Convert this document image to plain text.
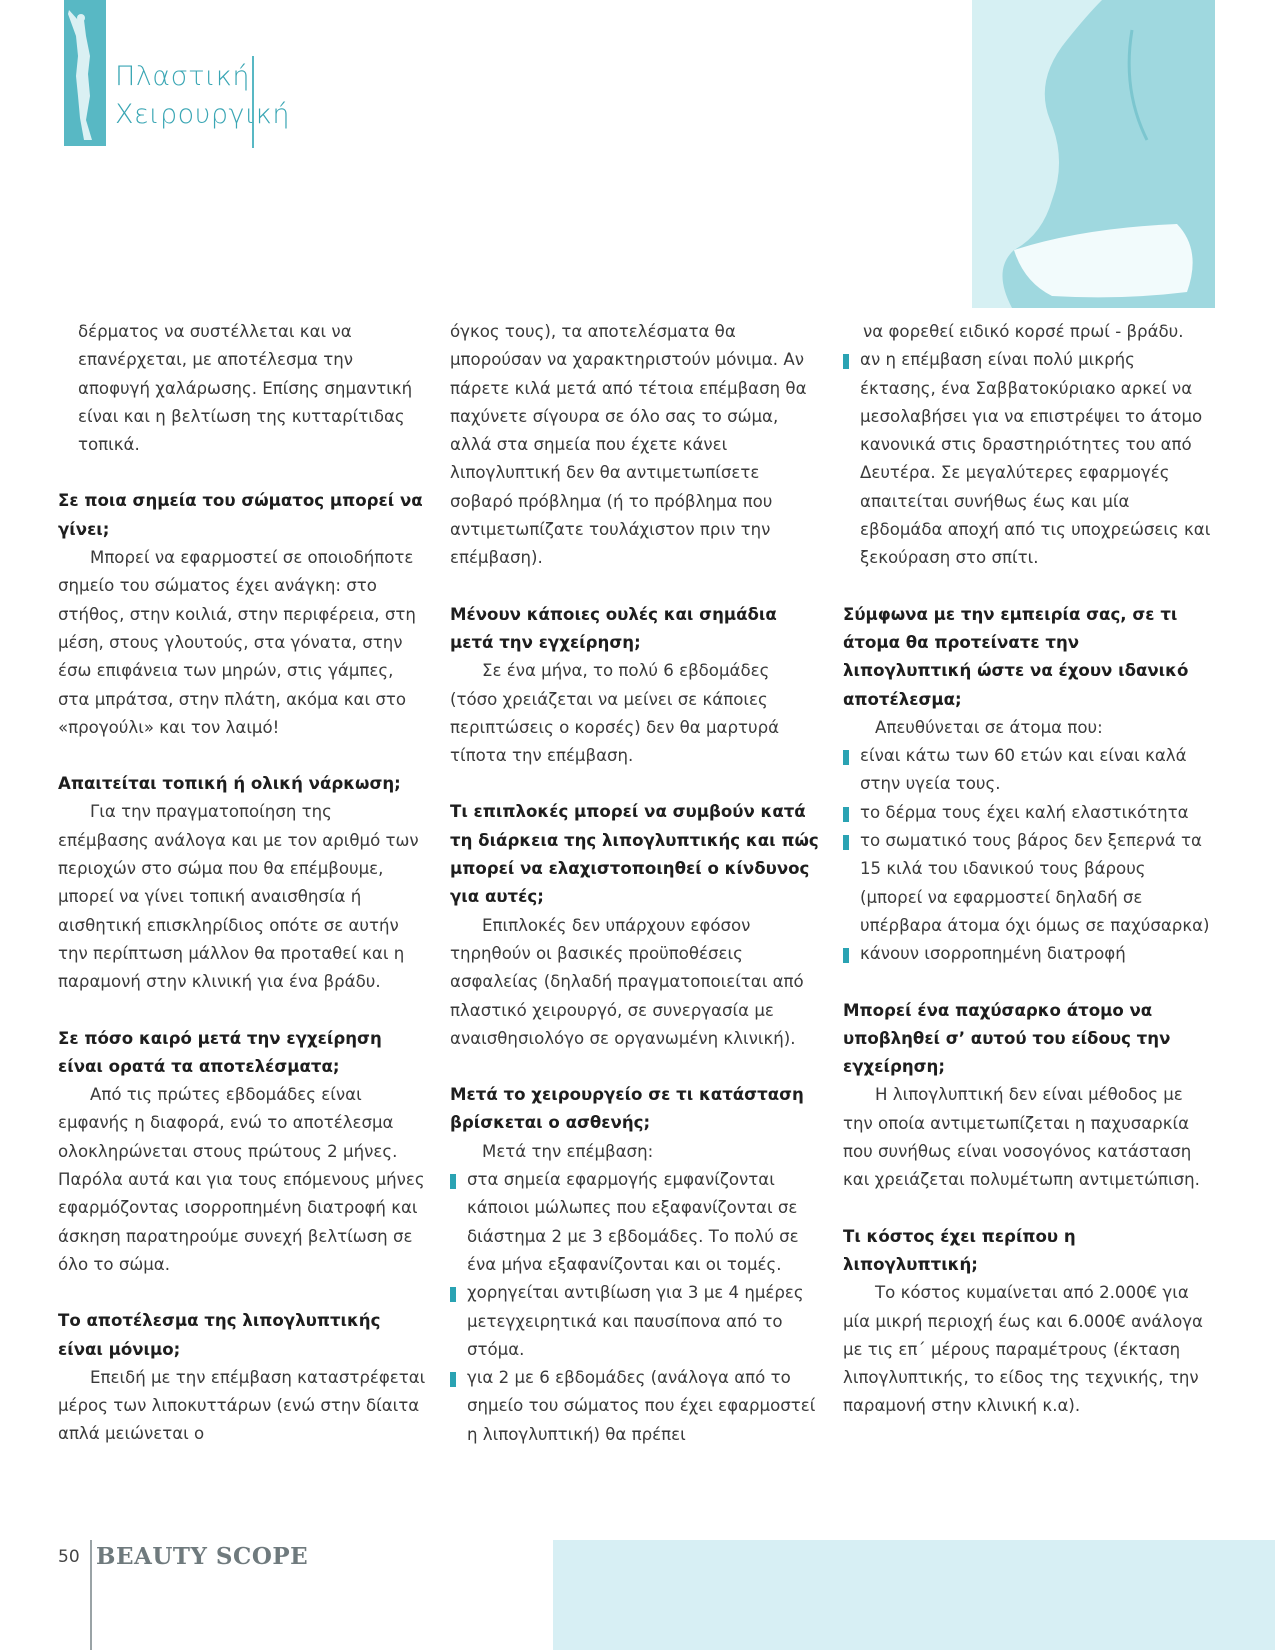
Πλαστική
Χειρουργική

δέρματος να συστέλλεται και να επανέρχεται, με αποτέλεσμα την αποφυγή χαλάρωσης. Επίσης σημαντική είναι και η βελτίωση της κυτταρίτιδας τοπικά.

Σε ποια σημεία του σώματος μπορεί να γίνει;

Μπορεί να εφαρμοστεί σε οποιοδήποτε σημείο του σώματος έχει ανάγκη: στο στήθος, στην κοιλιά, στην περιφέρεια, στη μέση, στους γλουτούς, στα γόνατα, στην έσω επιφάνεια των μηρών, στις γάμπες, στα μπράτσα, στην πλάτη, ακόμα και στο «προγούλι» και τον λαιμό!

Απαιτείται τοπική ή ολική νάρκωση;

Για την πραγματοποίηση της επέμβασης ανάλογα και με τον αριθμό των περιοχών στο σώμα που θα επέμβουμε, μπορεί να γίνει τοπική αναισθησία ή αισθητική επισκληρίδιος οπότε σε αυτήν την περίπτωση μάλλον θα προταθεί και η παραμονή στην κλινική για ένα βράδυ.

Σε πόσο καιρό μετά την εγχείρηση είναι ορατά τα αποτελέσματα;

Από τις πρώτες εβδομάδες είναι εμφανής η διαφορά, ενώ το αποτέλεσμα ολοκληρώνεται στους πρώτους 2 μήνες. Παρόλα αυτά και για τους επόμενους μήνες εφαρμόζοντας ισορροπημένη διατροφή και άσκηση παρατηρούμε συνεχή βελτίωση σε όλο το σώμα.

Το αποτέλεσμα της λιπογλυπτικής είναι μόνιμο;

Επειδή με την επέμβαση καταστρέφεται μέρος των λιποκυττάρων (ενώ στην δίαιτα απλά μειώνεται ο

όγκος τους), τα αποτελέσματα θα μπορούσαν να χαρακτηριστούν μόνιμα. Αν πάρετε κιλά μετά από τέτοια επέμβαση θα παχύνετε σίγουρα σε όλο σας το σώμα, αλλά στα σημεία που έχετε κάνει λιπογλυπτική δεν θα αντιμετωπίσετε σοβαρό πρόβλημα (ή το πρόβλημα που αντιμετωπίζατε τουλάχιστον πριν την επέμβαση).

Μένουν κάποιες ουλές και σημάδια μετά την εγχείρηση;

Σε ένα μήνα, το πολύ 6 εβδομάδες (τόσο χρειάζεται να μείνει σε κάποιες περιπτώσεις ο κορσές) δεν θα μαρτυρά τίποτα την επέμβαση.

Τι επιπλοκές μπορεί να συμβούν κατά τη διάρκεια της λιπογλυπτικής και πώς μπορεί να ελαχιστοποιηθεί ο κίνδυνος για αυτές;

Επιπλοκές δεν υπάρχουν εφόσον τηρηθούν οι βασικές προϋποθέσεις ασφαλείας (δηλαδή πραγματοποιείται από πλαστικό χειρουργό, σε συνεργασία με αναισθησιολόγο σε οργανωμένη κλινική).

Μετά το χειρουργείο σε τι κατάσταση βρίσκεται ο ασθενής;

Μετά την επέμβαση:

στα σημεία εφαρμογής εμφανίζονται κάποιοι μώλωπες που εξαφανίζονται σε διάστημα 2 με 3 εβδομάδες. Το πολύ σε ένα μήνα εξαφανίζονται και οι τομές.
χορηγείται αντιβίωση για 3 με 4 ημέρες μετεγχειρητικά και παυσίπονα από το στόμα.
για 2 με 6 εβδομάδες (ανάλογα από το σημείο του σώματος που έχει εφαρμοστεί η λιπογλυπτική) θα πρέπει

να φορεθεί ειδικό κορσέ πρωί - βράδυ.

αν η επέμβαση είναι πολύ μικρής έκτασης, ένα Σαββατοκύριακο αρκεί να μεσολαβήσει για να επιστρέψει το άτομο κανονικά στις δραστηριότητες του από Δευτέρα. Σε μεγαλύτερες εφαρμογές απαιτείται συνήθως έως και μία εβδομάδα αποχή από τις υποχρεώσεις και ξεκούραση στο σπίτι.
Σύμφωνα με την εμπειρία σας, σε τι άτομα θα προτείνατε την λιπογλυπτική ώστε να έχουν ιδανικό αποτέλεσμα;

Απευθύνεται σε άτομα που:

είναι κάτω των 60 ετών και είναι καλά στην υγεία τους.
το δέρμα τους έχει καλή ελαστικότητα
το σωματικό τους βάρος δεν ξεπερνά τα 15 κιλά του ιδανικού τους βάρους (μπορεί να εφαρμοστεί δηλαδή σε υπέρβαρα άτομα όχι όμως σε παχύσαρκα)
κάνουν ισορροπημένη διατροφή
Μπορεί ένα παχύσαρκο άτομο να υποβληθεί σ’ αυτού του είδους την εγχείρηση;

Η λιπογλυπτική δεν είναι μέθοδος με την οποία αντιμετωπίζεται η παχυσαρκία που συνήθως είναι νοσογόνος κατάσταση και χρειάζεται πολυμέτωπη αντιμετώπιση.

Τι κόστος έχει περίπου η λιπογλυπτική;

Το κόστος κυμαίνεται από 2.000€ για μία μικρή περιοχή έως και 6.000€ ανάλογα με τις επ΄ μέρους παραμέτρους (έκταση λιπογλυπτικής, το είδος της τεχνικής, την παραμονή στην κλινική κ.α).

50 BEAUTY SCOPE
